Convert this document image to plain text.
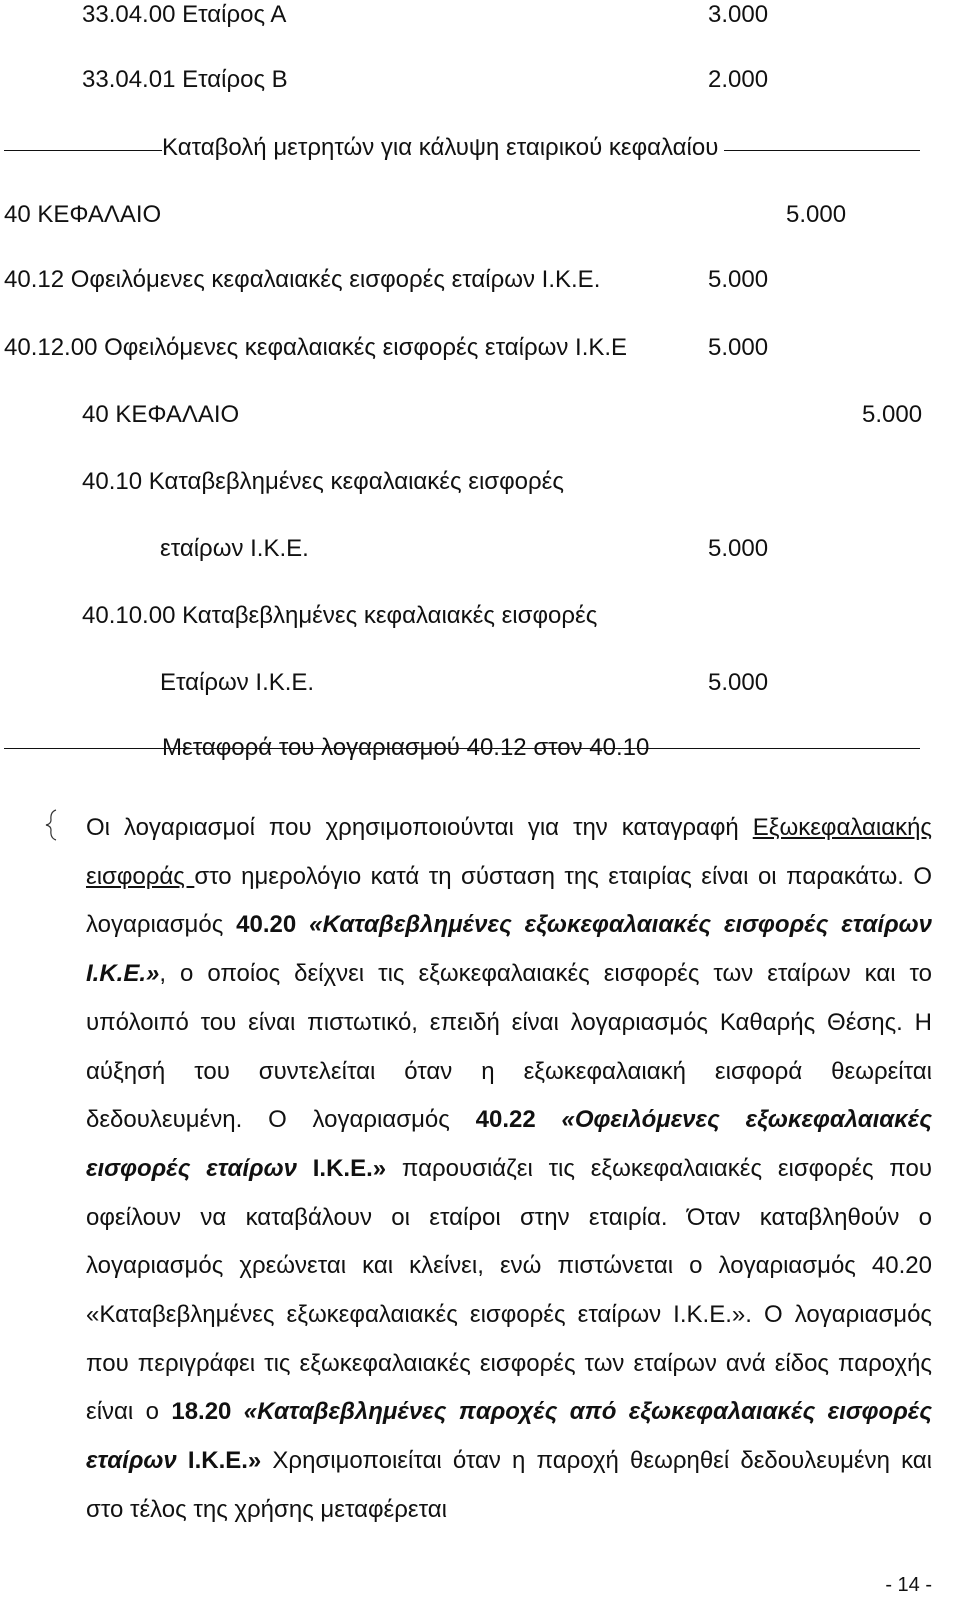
33.04.00 Εταίρος Α	3.000
33.04.01 Εταίρος Β	2.000
Καταβολή μετρητών για κάλυψη εταιρικού κεφαλαίου
40 ΚΕΦΑΛΑΙΟ	5.000
40.12 Οφειλόμενες κεφαλαιακές εισφορές εταίρων Ι.Κ.Ε.	5.000
40.12.00 Οφειλόμενες κεφαλαιακές εισφορές εταίρων Ι.Κ.Ε	5.000
40 ΚΕΦΑΛΑΙΟ	5.000
40.10 Καταβεβλημένες κεφαλαιακές εισφορές
εταίρων Ι.Κ.Ε.	5.000
40.10.00 Καταβεβλημένες κεφαλαιακές εισφορές
Εταίρων Ι.Κ.Ε.	5.000
Μεταφορά του λογαριασμού 40.12 στον 40.10
Οι λογαριασμοί που χρησιμοποιούνται για την καταγραφή Εξωκεφαλαιακής εισφοράς στο ημερολόγιο κατά τη σύσταση της εταιρίας είναι οι παρακάτω. Ο λογαριασμός 40.20 «Καταβεβλημένες εξωκεφαλαιακές εισφορές εταίρων Ι.Κ.Ε.», ο οποίος δείχνει τις εξωκεφαλαιακές εισφορές των εταίρων και το υπόλοιπό του είναι πιστωτικό, επειδή είναι λογαριασμός Καθαρής Θέσης. Η αύξησή του συντελείται όταν η εξωκεφαλαιακή εισφορά θεωρείται δεδουλευμένη. Ο λογαριασμός 40.22 «Οφειλόμενες εξωκεφαλαιακές εισφορές εταίρων Ι.Κ.Ε.» παρουσιάζει τις εξωκεφαλαιακές εισφορές που οφείλουν να καταβάλουν οι εταίροι στην εταιρία. Όταν καταβληθούν ο λογαριασμός χρεώνεται και κλείνει, ενώ πιστώνεται ο λογαριασμός 40.20 «Καταβεβλημένες εξωκεφαλαιακές εισφορές εταίρων Ι.Κ.Ε.». Ο λογαριασμός που περιγράφει τις εξωκεφαλαιακές εισφορές των εταίρων ανά είδος παροχής είναι ο 18.20 «Καταβεβλημένες παροχές από εξωκεφαλαιακές εισφορές εταίρων Ι.Κ.Ε.» Χρησιμοποιείται όταν η παροχή θεωρηθεί δεδουλευμένη και στο τέλος της χρήσης μεταφέρεται
- 14 -
